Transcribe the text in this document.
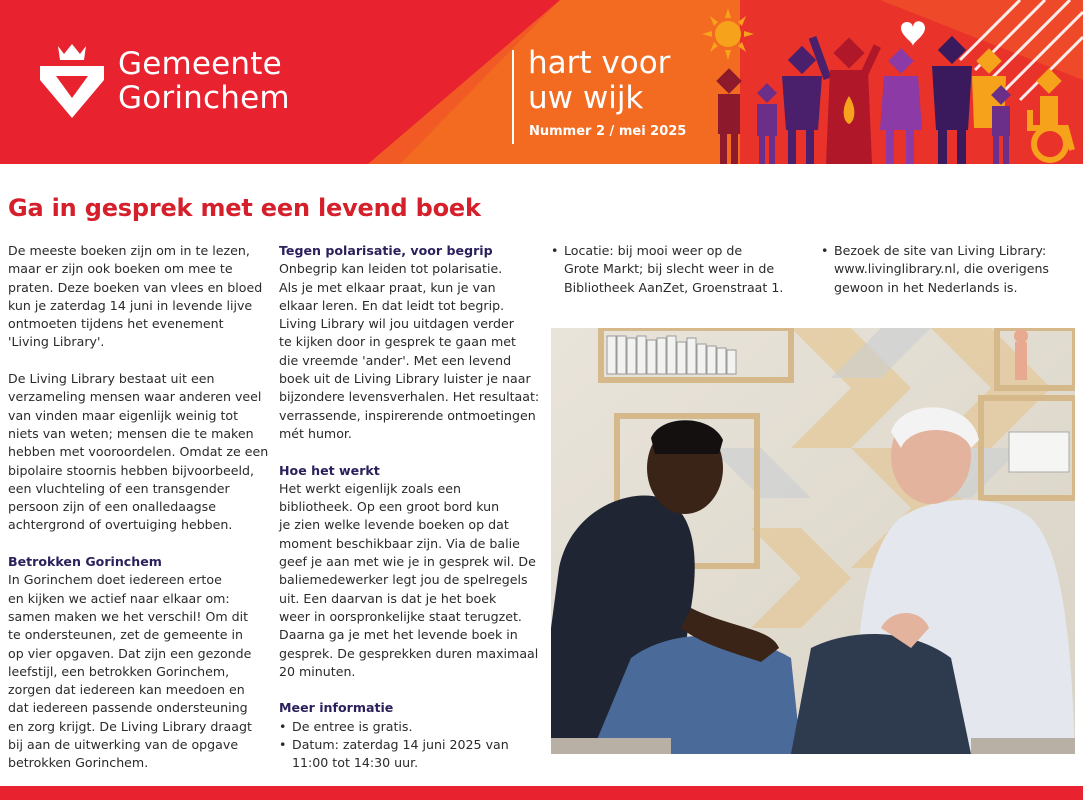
Gemeente
Gorinchem
hart voor
uw wijk
Nummer 2 / mei 2025
Ga in gesprek met een levend boek

De meeste boeken zijn om in te lezen,
maar er zijn ook boeken om mee te
praten. Deze boeken van vlees en bloed
kun je zaterdag 14 juni in levende lijve
ontmoeten tijdens het evenement
'Living Library'.

De Living Library bestaat uit een
verzameling mensen waar anderen veel
van vinden maar eigenlijk weinig tot
niets van weten; mensen die te maken
hebben met vooroordelen. Omdat ze een
bipolaire stoornis hebben bijvoorbeeld,
een vluchteling of een transgender
persoon zijn of een onalledaagse
achtergrond of overtuiging hebben.

Betrokken Gorinchem

In Gorinchem doet iedereen ertoe
en kijken we actief naar elkaar om:
samen maken we het verschil! Om dit
te ondersteunen, zet de gemeente in
op vier opgaven. Dat zijn een gezonde
leefstijl, een betrokken Gorinchem,
zorgen dat iedereen kan meedoen en
dat iedereen passende ondersteuning
en zorg krijgt. De Living Library draagt
bij aan de uitwerking van de opgave
betrokken Gorinchem.

Tegen polarisatie, voor begrip

Onbegrip kan leiden tot polarisatie.
Als je met elkaar praat, kun je van
elkaar leren. En dat leidt tot begrip.
Living Library wil jou uitdagen verder
te kijken door in gesprek te gaan met
die vreemde 'ander'. Met een levend
boek uit de Living Library luister je naar
bijzondere levensverhalen. Het resultaat:
verrassende, inspirerende ontmoetingen
mét humor.

Hoe het werkt

Het werkt eigenlijk zoals een
bibliotheek. Op een groot bord kun
je zien welke levende boeken op dat
moment beschikbaar zijn. Via de balie
geef je aan met wie je in gesprek wil. De
baliemedewerker legt jou de spelregels
uit. Een daarvan is dat je het boek
weer in oorspronkelijke staat terugzet.
Daarna ga je met het levende boek in
gesprek. De gesprekken duren maximaal
20 minuten.

Meer informatie
• De entree is gratis.
• Datum: zaterdag 14 juni 2025 van
11:00 tot 14:30 uur.
• Locatie: bij mooi weer op de
Grote Markt; bij slecht weer in de
Bibliotheek AanZet, Groenstraat 1.
• Bezoek de site van Living Library:
www.livinglibrary.nl, die overigens
gewoon in het Nederlands is.
